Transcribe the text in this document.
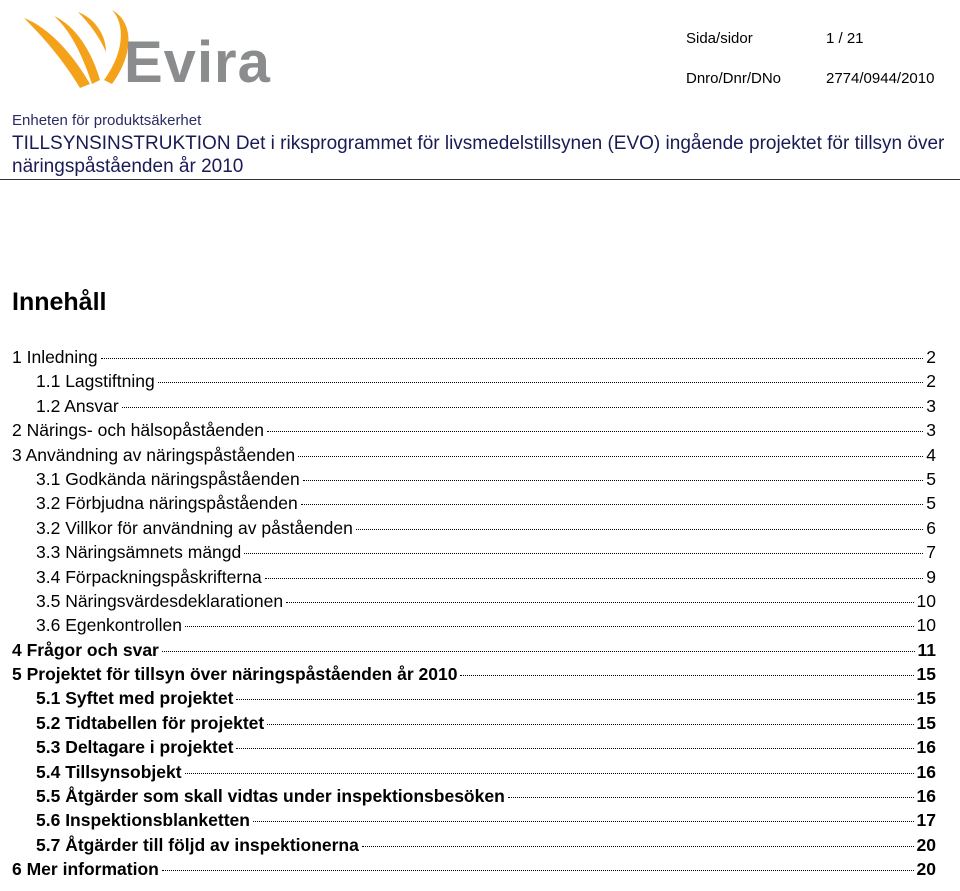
Evira	Sida/sidor	1 / 21
Dnro/Dnr/DNo	2774/0944/2010
Enheten för produktsäkerhet
TILLSYNSINSTRUKTION Det i riksprogrammet för livsmedelstillsynen (EVO) ingående projektet för tillsyn över näringspåståenden år 2010
Innehåll
1 Inledning	2
1.1 Lagstiftning	2
1.2 Ansvar	3
2 Närings- och hälsopåståenden	3
3 Användning av näringspåståenden	4
3.1 Godkända näringspåståenden	5
3.2 Förbjudna näringspåståenden	5
3.2 Villkor för användning av påståenden	6
3.3 Näringsämnets mängd	7
3.4 Förpackningspåskrifterna	9
3.5 Näringsvärdesdeklarationen	10
3.6 Egenkontrollen	10
4 Frågor och svar	11
5 Projektet för tillsyn över näringspåståenden år 2010	15
5.1 Syftet med projektet	15
5.2 Tidtabellen för projektet	15
5.3 Deltagare i projektet	16
5.4 Tillsynsobjekt	16
5.5 Åtgärder som skall vidtas under inspektionsbesöken	16
5.6 Inspektionsblanketten	17
5.7 Åtgärder till följd av inspektionerna	20
6 Mer information	20
